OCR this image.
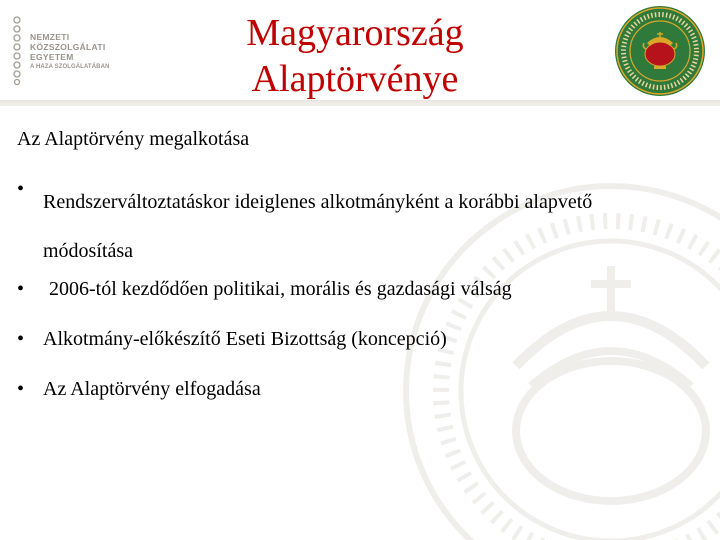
NEMZETI
KÖZSZOLGÁLATI
EGYETEM
A HAZA SZOLGÁLATÁBAN
Magyarország
Alaptörvénye
Az Alaptörvény megalkotása
•
Rendszerváltoztatáskor ideiglenes alkotmányként a korábbi alapvető módosítása
• 2006-tól kezdődően politikai, morális és gazdasági válság
• Alkotmány-előkészítő Eseti Bizottság (koncepció)
• Az Alaptörvény elfogadása
